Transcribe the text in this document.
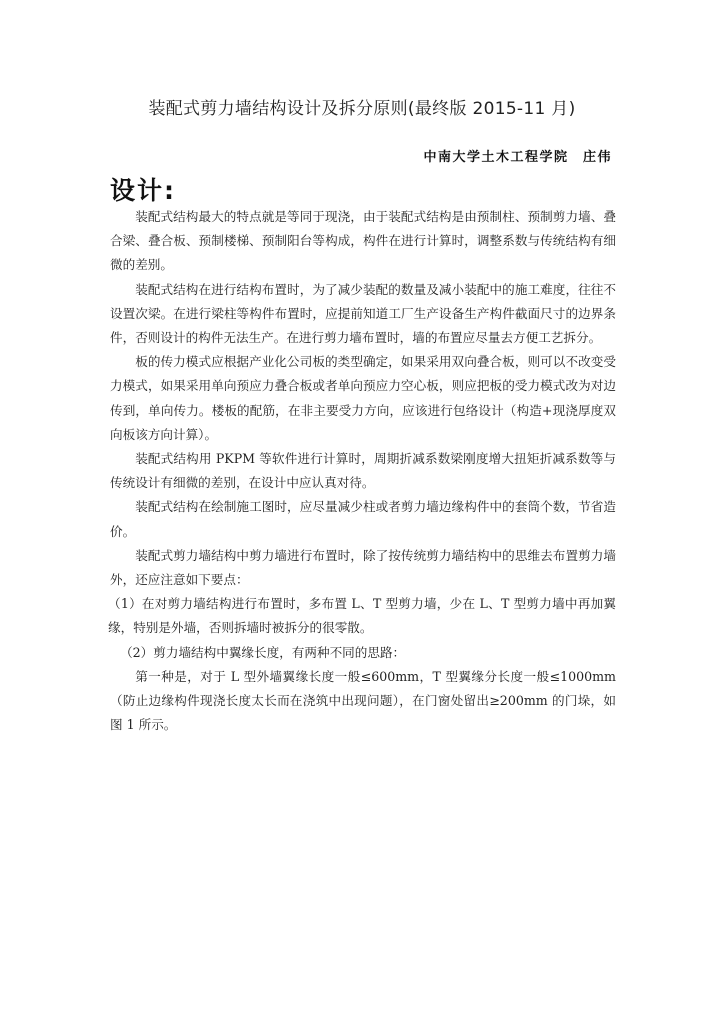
装配式剪力墙结构设计及拆分原则(最终版 2015-11 月)
中南大学土木工程学院　庄伟
设计:

装配式结构最大的特点就是等同于现浇，由于装配式结构是由预制柱、预制剪力墙、叠合梁、叠合板、预制楼梯、预制阳台等构成，构件在进行计算时，调整系数与传统结构有细微的差别。

装配式结构在进行结构布置时，为了减少装配的数量及减小装配中的施工难度，往往不设置次梁。在进行梁柱等构件布置时，应提前知道工厂生产设备生产构件截面尺寸的边界条件，否则设计的构件无法生产。在进行剪力墙布置时，墙的布置应尽量去方便工艺拆分。

板的传力模式应根据产业化公司板的类型确定，如果采用双向叠合板，则可以不改变受力模式，如果采用单向预应力叠合板或者单向预应力空心板，则应把板的受力模式改为对边传到，单向传力。楼板的配筋，在非主要受力方向，应该进行包络设计（构造+现浇厚度双向板该方向计算）。

装配式结构用 PKPM 等软件进行计算时，周期折减系数梁刚度增大扭矩折减系数等与传统设计有细微的差别，在设计中应认真对待。

装配式结构在绘制施工图时，应尽量减少柱或者剪力墙边缘构件中的套筒个数，节省造价。

装配式剪力墙结构中剪力墙进行布置时，除了按传统剪力墙结构中的思维去布置剪力墙外，还应注意如下要点：

（1）在对剪力墙结构进行布置时，多布置 L、T 型剪力墙，少在 L、T 型剪力墙中再加翼缘，特别是外墙，否则拆墙时被拆分的很零散。

（2）剪力墙结构中翼缘长度，有两种不同的思路：

第一种是，对于 L 型外墙翼缘长度一般≤600mm，T 型翼缘分长度一般≤1000mm（防止边缘构件现浇长度太长而在浇筑中出现问题），在门窗处留出≥200mm 的门垛，如图 1 所示。
